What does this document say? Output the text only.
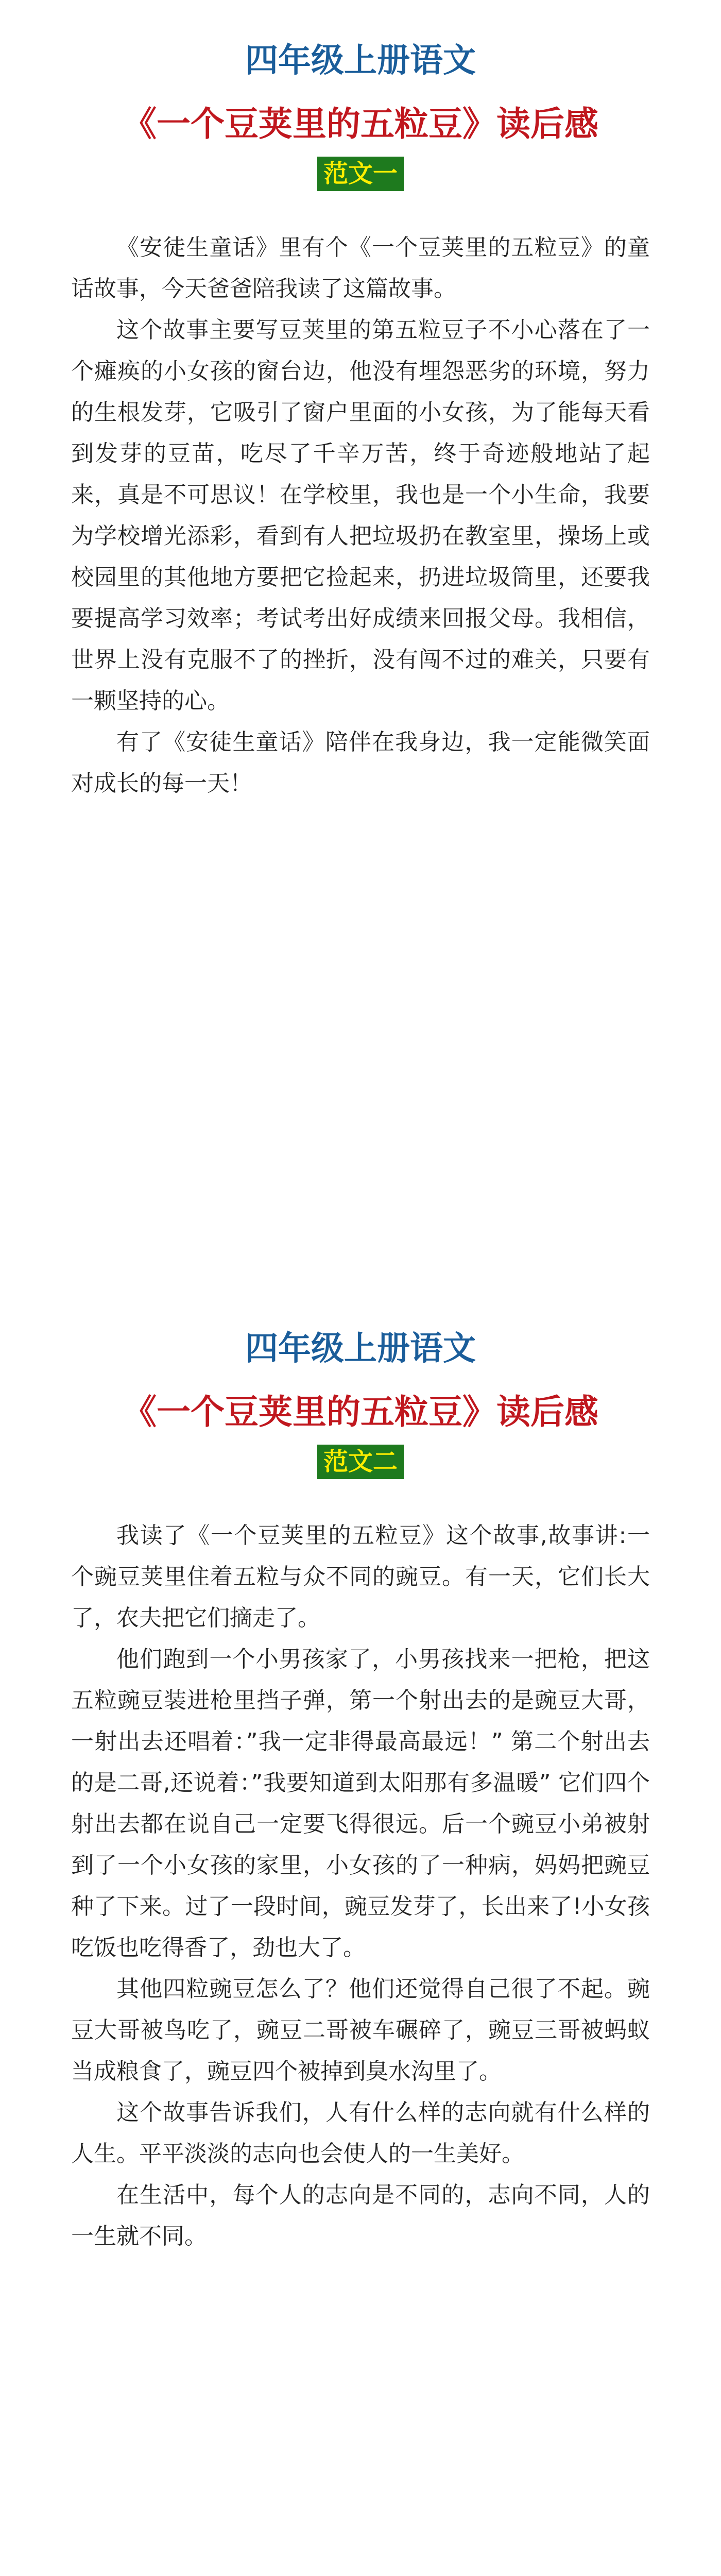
四年级上册语文
《一个豆荚里的五粒豆》读后感
范文一

《安徒生童话》里有个《一个豆荚里的五粒豆》的童话故事，今天爸爸陪我读了这篇故事。

这个故事主要写豆荚里的第五粒豆子不小心落在了一个瘫痪的小女孩的窗台边，他没有埋怨恶劣的环境，努力的生根发芽，它吸引了窗户里面的小女孩，为了能每天看到发芽的豆苗，吃尽了千辛万苦，终于奇迹般地站了起来，真是不可思议！在学校里，我也是一个小生命，我要为学校增光添彩，看到有人把垃圾扔在教室里，操场上或校园里的其他地方要把它捡起来，扔进垃圾筒里，还要我要提高学习效率；考试考出好成绩来回报父母。我相信，世界上没有克服不了的挫折，没有闯不过的难关，只要有一颗坚持的心。

有了《安徒生童话》陪伴在我身边，我一定能微笑面对成长的每一天！

四年级上册语文
《一个豆荚里的五粒豆》读后感
范文二

我读了《一个豆荚里的五粒豆》这个故事,故事讲:一个豌豆荚里住着五粒与众不同的豌豆。有一天，它们长大了，农夫把它们摘走了。

他们跑到一个小男孩家了，小男孩找来一把枪，把这五粒豌豆装进枪里挡子弹，第一个射出去的是豌豆大哥，一射出去还唱着：”我一定非得最高最远！” 第二个射出去的是二哥,还说着：”我要知道到太阳那有多温暖” 它们四个射出去都在说自己一定要飞得很远。后一个豌豆小弟被射到了一个小女孩的家里，小女孩的了一种病，妈妈把豌豆种了下来。过了一段时间，豌豆发芽了，长出来了!小女孩吃饭也吃得香了，劲也大了。

其他四粒豌豆怎么了？他们还觉得自己很了不起。豌豆大哥被鸟吃了，豌豆二哥被车碾碎了，豌豆三哥被蚂蚁当成粮食了，豌豆四个被掉到臭水沟里了。

这个故事告诉我们，人有什么样的志向就有什么样的人生。平平淡淡的志向也会使人的一生美好。

在生活中，每个人的志向是不同的，志向不同，人的一生就不同。
